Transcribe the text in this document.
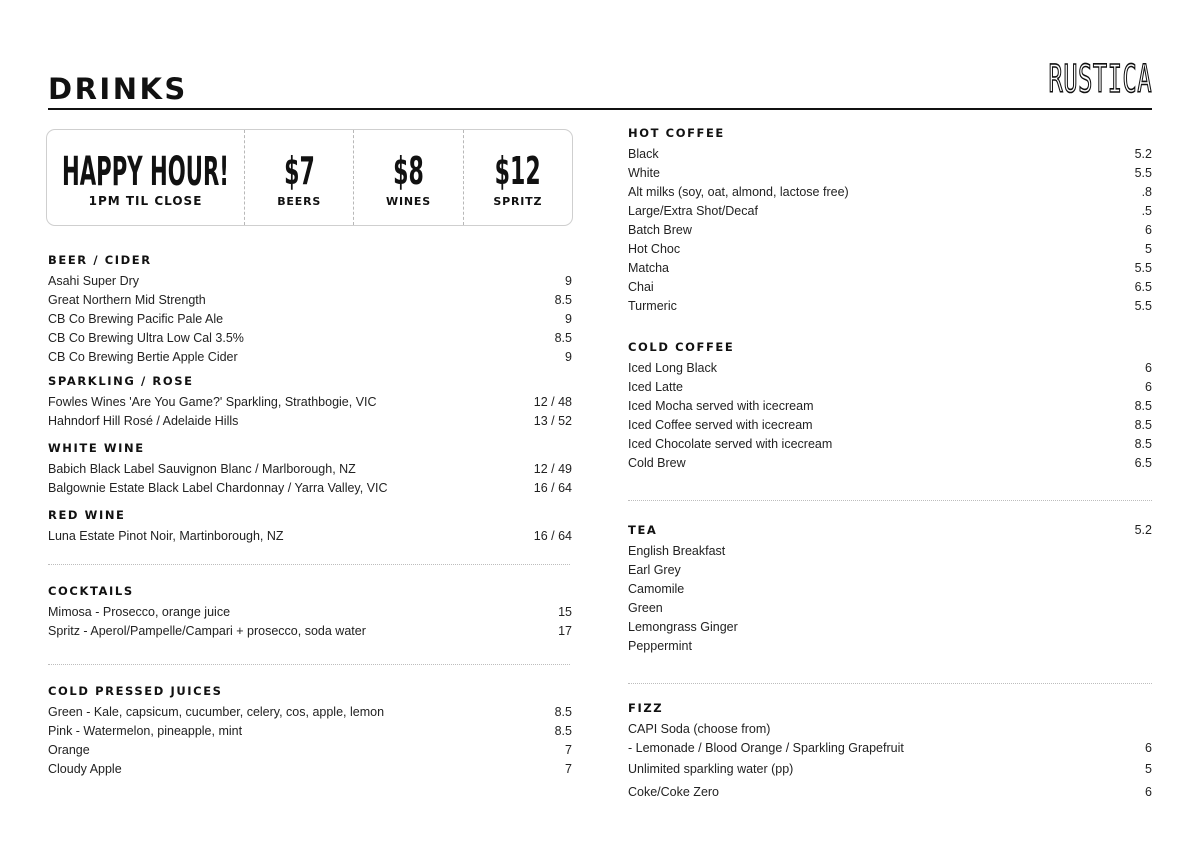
DRINKS	RUSTICA
HAPPY HOUR!
1PM TIL CLOSE
$7
BEERS
$8
WINES
$12
SPRITZ
BEER / CIDER
Asahi Super Dry	9
Great Northern Mid Strength	8.5
CB Co Brewing Pacific Pale Ale	9
CB Co Brewing Ultra Low Cal 3.5%	8.5
CB Co Brewing Bertie Apple Cider	9
SPARKLING / ROSE
Fowles Wines 'Are You Game?' Sparkling, Strathbogie, VIC	12 / 48
Hahndorf Hill Rosé / Adelaide Hills	13 / 52
WHITE WINE
Babich Black Label Sauvignon Blanc / Marlborough, NZ	12 / 49
Balgownie Estate Black Label Chardonnay / Yarra Valley, VIC	16 / 64
RED WINE
Luna Estate Pinot Noir, Martinborough, NZ	16 / 64
COCKTAILS
Mimosa - Prosecco, orange juice	15
Spritz - Aperol/Pampelle/Campari + prosecco, soda water	17
COLD PRESSED JUICES
Green - Kale, capsicum, cucumber, celery, cos, apple, lemon	8.5
Pink - Watermelon, pineapple, mint	8.5
Orange	7
Cloudy Apple	7
HOT COFFEE
Black	5.2
White	5.5
Alt milks (soy, oat, almond, lactose free)	.8
Large/Extra Shot/Decaf	.5
Batch Brew	6
Hot Choc	5
Matcha	5.5
Chai	6.5
Turmeric	5.5
COLD COFFEE
Iced Long Black	6
Iced Latte	6
Iced Mocha served with icecream	8.5
Iced Coffee served with icecream	8.5
Iced Chocolate served with icecream	8.5
Cold Brew	6.5
TEA	5.2
English Breakfast
Earl Grey
Camomile
Green
Lemongrass Ginger
Peppermint
FIZZ
CAPI Soda (choose from)
- Lemonade / Blood Orange / Sparkling Grapefruit	6
Unlimited sparkling water (pp)	5
Coke/Coke Zero	6
